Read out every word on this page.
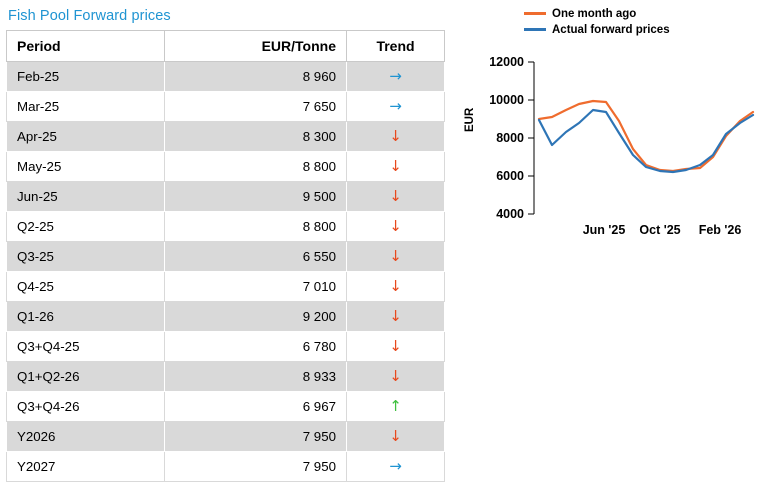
Fish Pool Forward prices
Period	EUR/Tonne	Trend
Feb-25	8 960	→
Mar-25	7 650	→
Apr-25	8 300	↓
May-25	8 800	↓
Jun-25	9 500	↓
Q2-25	8 800	↓
Q3-25	6 550	↓
Q4-25	7 010	↓
Q1-26	9 200	↓
Q3+Q4-25	6 780	↓
Q1+Q2-26	8 933	↓
Q3+Q4-26	6 967	↑
Y2026	7 950	↓
Y2027	7 950	→
One month ago
Actual forward prices
EUR
4000
6000
8000
10000
12000
Jun '25 Oct '25 Feb '26
